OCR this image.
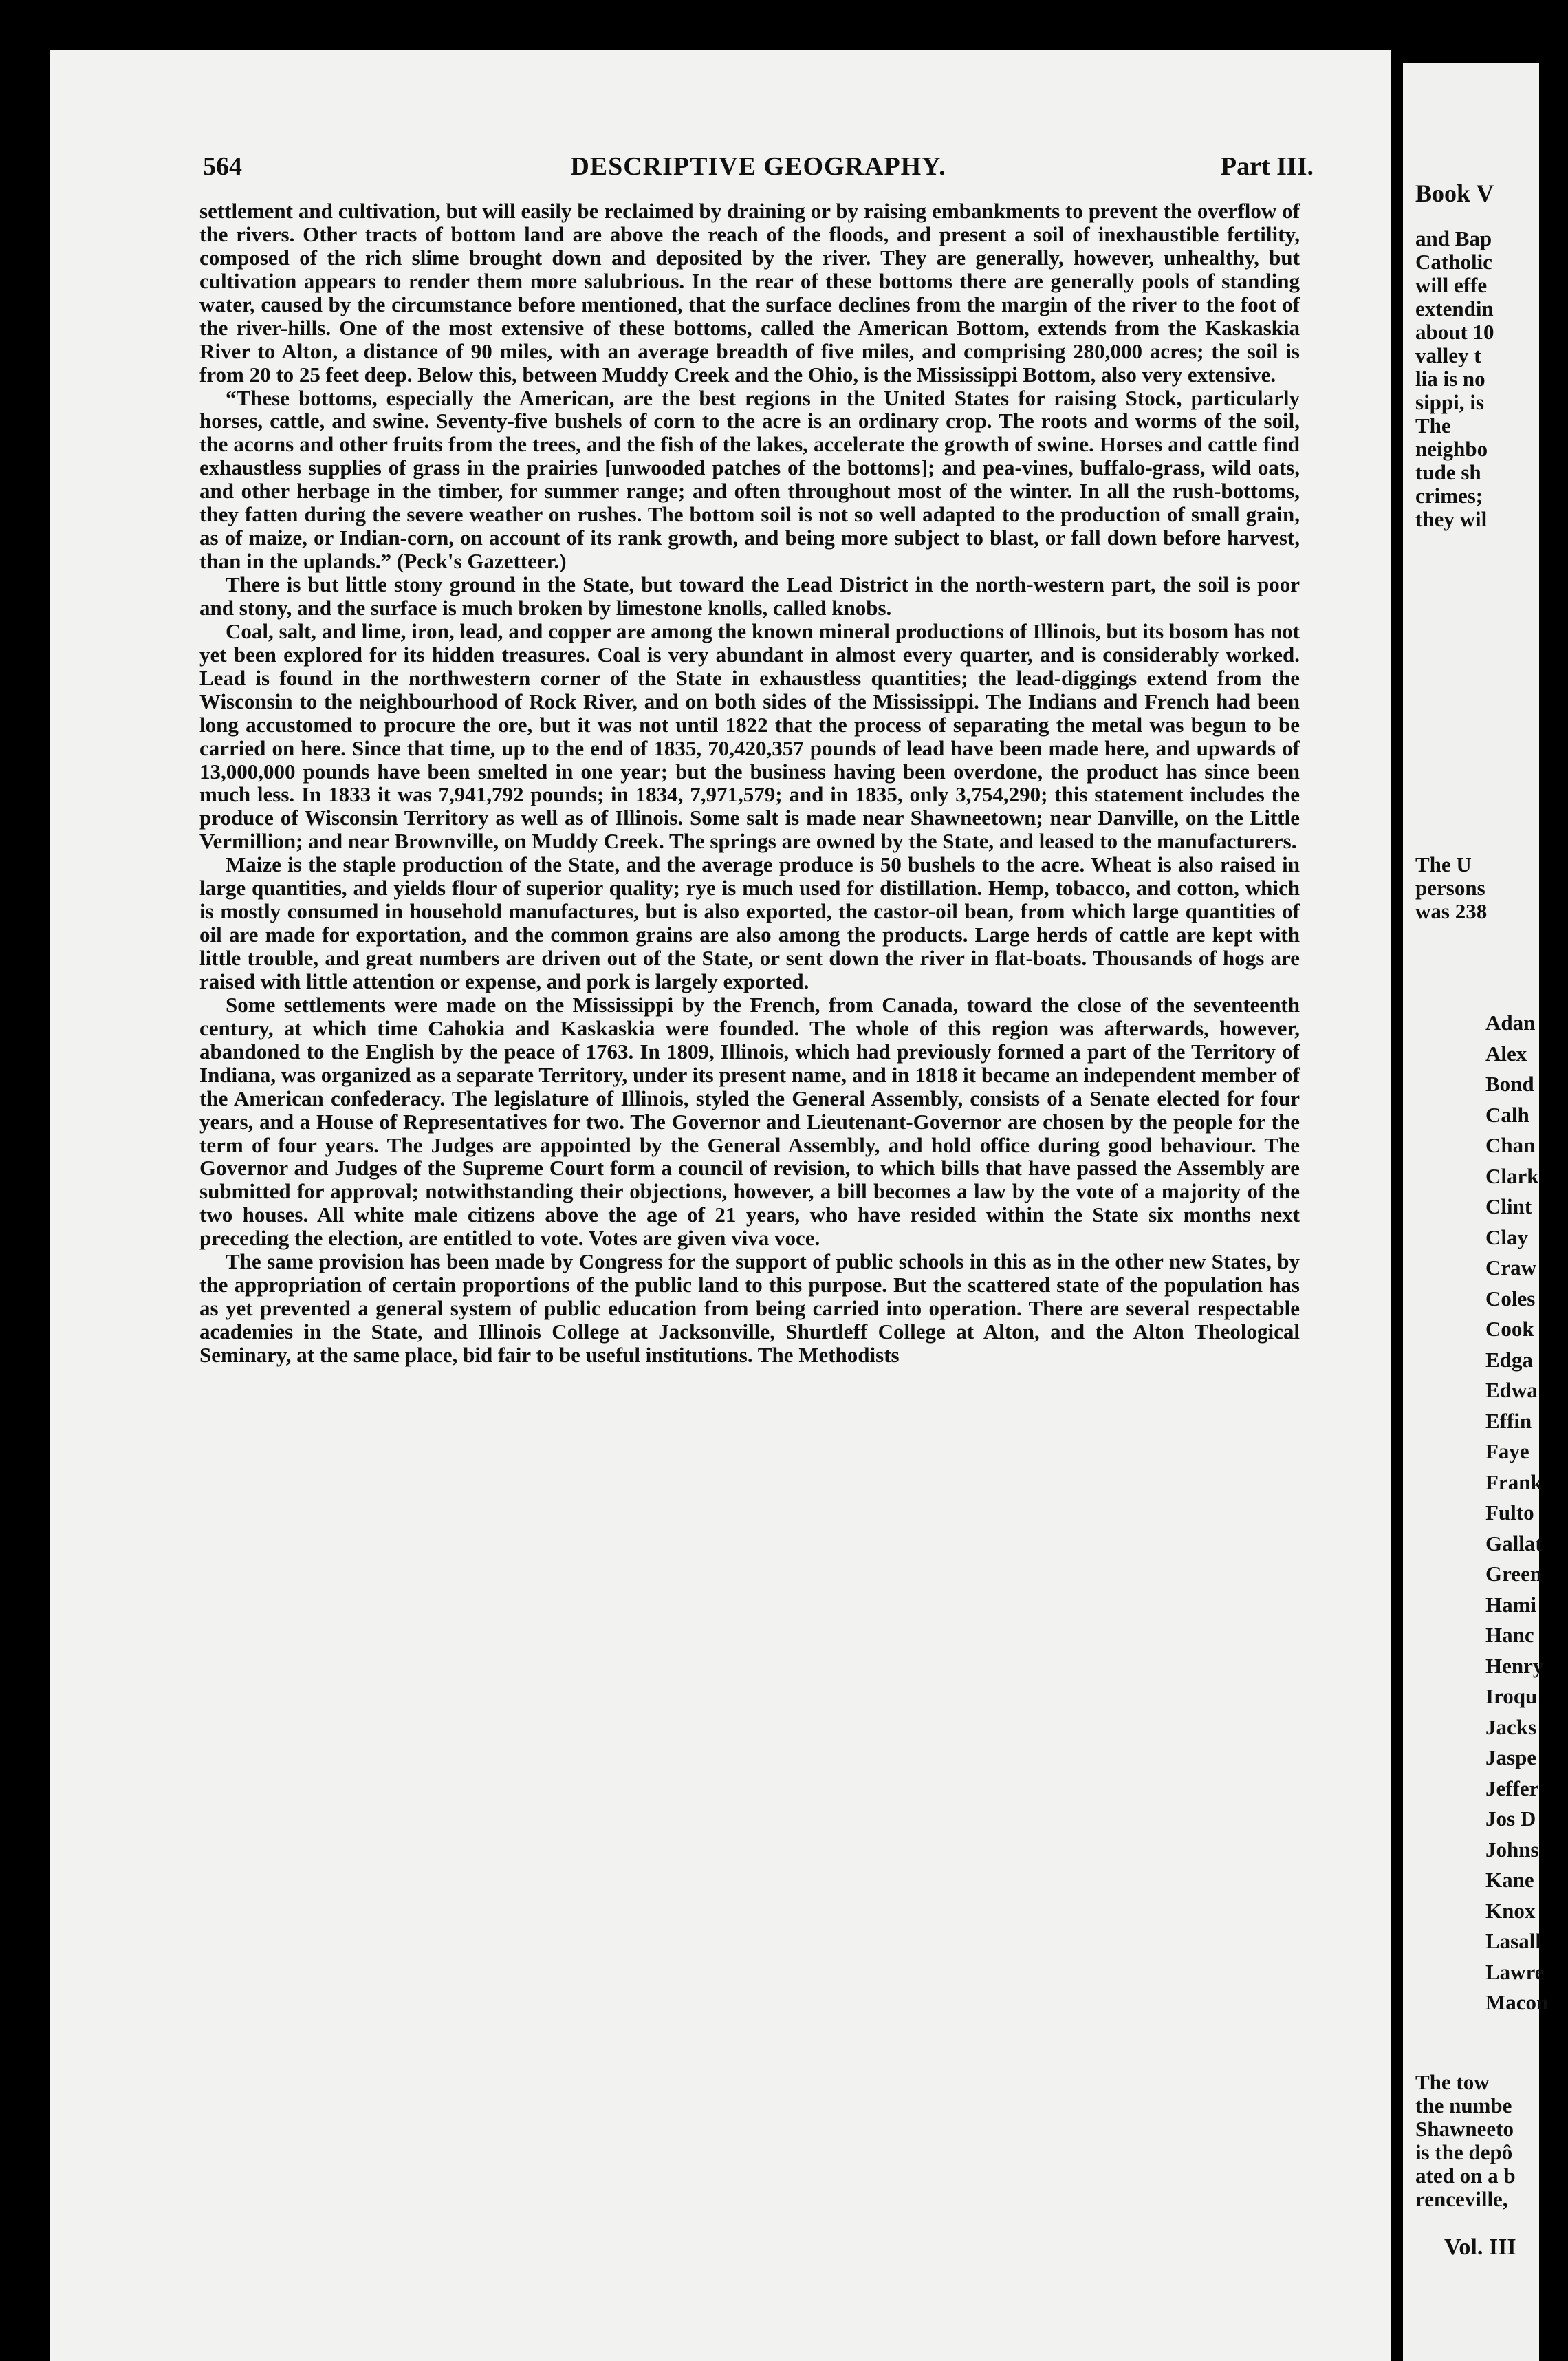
564	DESCRIPTIVE GEOGRAPHY.	Part III.

settlement and cultivation, but will easily be reclaimed by draining or by raising embankments to prevent the overflow of the rivers. Other tracts of bottom land are above the reach of the floods, and present a soil of inexhaustible fertility, composed of the rich slime brought down and deposited by the river. They are generally, however, unhealthy, but cultivation appears to render them more salubrious. In the rear of these bottoms there are generally pools of standing water, caused by the circumstance before mentioned, that the surface declines from the margin of the river to the foot of the river-hills. One of the most extensive of these bottoms, called the American Bottom, extends from the Kaskaskia River to Alton, a distance of 90 miles, with an average breadth of five miles, and comprising 280,000 acres; the soil is from 20 to 25 feet deep. Below this, between Muddy Creek and the Ohio, is the Mississippi Bottom, also very extensive.

“These bottoms, especially the American, are the best regions in the United States for raising Stock, particularly horses, cattle, and swine. Seventy-five bushels of corn to the acre is an ordinary crop. The roots and worms of the soil, the acorns and other fruits from the trees, and the fish of the lakes, accelerate the growth of swine. Horses and cattle find exhaustless supplies of grass in the prairies [unwooded patches of the bottoms]; and pea-vines, buffalo-grass, wild oats, and other herbage in the timber, for summer range; and often throughout most of the winter. In all the rush-bottoms, they fatten during the severe weather on rushes. The bottom soil is not so well adapted to the production of small grain, as of maize, or Indian-corn, on account of its rank growth, and being more subject to blast, or fall down before harvest, than in the uplands.” (Peck's Gazetteer.)

There is but little stony ground in the State, but toward the Lead District in the north-western part, the soil is poor and stony, and the surface is much broken by limestone knolls, called knobs.

Coal, salt, and lime, iron, lead, and copper are among the known mineral productions of Illinois, but its bosom has not yet been explored for its hidden treasures. Coal is very abundant in almost every quarter, and is considerably worked. Lead is found in the northwestern corner of the State in exhaustless quantities; the lead-diggings extend from the Wisconsin to the neighbourhood of Rock River, and on both sides of the Mississippi. The Indians and French had been long accustomed to procure the ore, but it was not until 1822 that the process of separating the metal was begun to be carried on here. Since that time, up to the end of 1835, 70,420,357 pounds of lead have been made here, and upwards of 13,000,000 pounds have been smelted in one year; but the business having been overdone, the product has since been much less. In 1833 it was 7,941,792 pounds; in 1834, 7,971,579; and in 1835, only 3,754,290; this statement includes the produce of Wisconsin Territory as well as of Illinois. Some salt is made near Shawneetown; near Danville, on the Little Vermillion; and near Brownville, on Muddy Creek. The springs are owned by the State, and leased to the manufacturers.

Maize is the staple production of the State, and the average produce is 50 bushels to the acre. Wheat is also raised in large quantities, and yields flour of superior quality; rye is much used for distillation. Hemp, tobacco, and cotton, which is mostly consumed in household manufactures, but is also exported, the castor-oil bean, from which large quantities of oil are made for exportation, and the common grains are also among the products. Large herds of cattle are kept with little trouble, and great numbers are driven out of the State, or sent down the river in flat-boats. Thousands of hogs are raised with little attention or expense, and pork is largely exported.

Some settlements were made on the Mississippi by the French, from Canada, toward the close of the seventeenth century, at which time Cahokia and Kaskaskia were founded. The whole of this region was afterwards, however, abandoned to the English by the peace of 1763. In 1809, Illinois, which had previously formed a part of the Territory of Indiana, was organized as a separate Territory, under its present name, and in 1818 it became an independent member of the American confederacy. The legislature of Illinois, styled the General Assembly, consists of a Senate elected for four years, and a House of Representatives for two. The Governor and Lieutenant-Governor are chosen by the people for the term of four years. The Judges are appointed by the General Assembly, and hold office during good behaviour. The Governor and Judges of the Supreme Court form a council of revision, to which bills that have passed the Assembly are submitted for approval; notwithstanding their objections, however, a bill becomes a law by the vote of a majority of the two houses. All white male citizens above the age of 21 years, who have resided within the State six months next preceding the election, are entitled to vote. Votes are given viva voce.

The same provision has been made by Congress for the support of public schools in this as in the other new States, by the appropriation of certain proportions of the public land to this purpose. But the scattered state of the population has as yet prevented a general system of public education from being carried into operation. There are several respectable academies in the State, and Illinois College at Jacksonville, Shurtleff College at Alton, and the Alton Theological Seminary, at the same place, bid fair to be useful institutions. The Methodists

Book V
and Bap
Catholic
will effe
extendin
about 10
valley t
lia is no
sippi, is
The
neighbo
tude sh
crimes;
they wil
The U
persons
was 238
Adan
Alex
Bond
Calh
Chan
Clark
Clint
Clay
Craw
Coles
Cook
Edga
Edwa
Effin
Faye
Frank
Fulto
Gallat
Green
Hami
Hanc
Henry
Iroqu
Jacks
Jaspe
Jeffer
Jos D
Johns
Kane
Knox
Lasall
Lawre
Macon
The tow
the numbe
Shawneeto
is the depô
ated on a b
renceville,
Vol. III
